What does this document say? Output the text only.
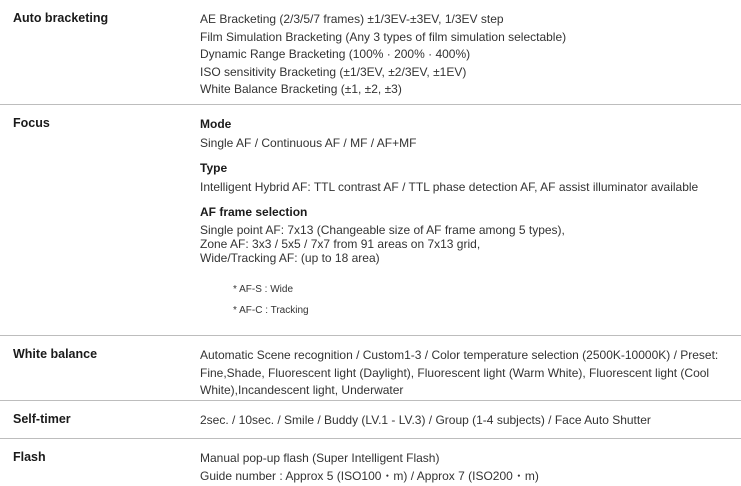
Auto bracketing	AE Bracketing (2/3/5/7 frames) ±1/3EV-±3EV, 1/3EV step
Film Simulation Bracketing (Any 3 types of film simulation selectable)
Dynamic Range Bracketing (100% · 200% · 400%)
ISO sensitivity Bracketing (±1/3EV, ±2/3EV, ±1EV)
White Balance Bracketing (±1, ±2, ±3)
Focus	Mode
Single AF / Continuous AF / MF / AF+MF
Type
Intelligent Hybrid AF: TTL contrast AF / TTL phase detection AF, AF assist illuminator available
AF frame selection
Single point AF: 7x13 (Changeable size of AF frame among 5 types),
Zone AF: 3x3 / 5x5 / 7x7 from 91 areas on 7x13 grid,
Wide/Tracking AF: (up to 18 area)
* AF-S : Wide
* AF-C : Tracking
White balance	Automatic Scene recognition / Custom1-3 / Color temperature selection (2500K-10000K) / Preset: Fine,Shade, Fluorescent light (Daylight), Fluorescent light (Warm White), Fluorescent light (Cool White),Incandescent light, Underwater
Self-timer	2sec. / 10sec. / Smile / Buddy (LV.1 - LV.3) / Group (1-4 subjects) / Face Auto Shutter
Flash	Manual pop-up flash (Super Intelligent Flash)
Guide number : Approx 5 (ISO100・m) / Approx 7 (ISO200・m)
